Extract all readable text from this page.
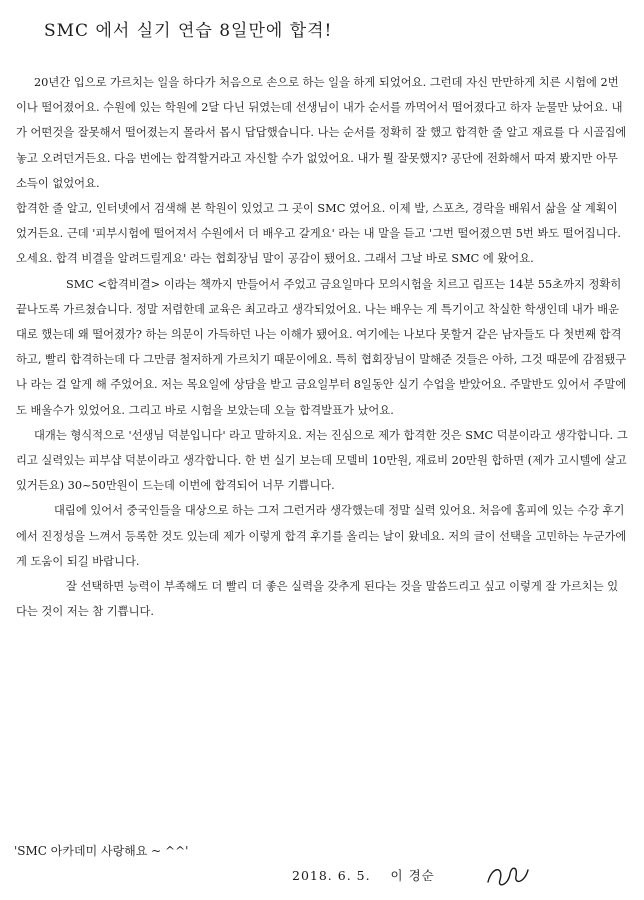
SMC 에서 실기 연습 8일만에 합격!

20년간 입으로 가르치는 일을 하다가 처음으로 손으로 하는 일을 하게 되었어요. 그런데 자신 만만하게 치른 시험에 2번이나 떨어졌어요. 수원에 있는 학원에 2달 다닌 뒤였는데 선생님이 내가 순서를 까먹어서 떨어졌다고 하자 눈물만 났어요. 내가 어떤것을 잘못해서 떨어졌는지 몰라서 몹시 답답했습니다. 나는 순서를 정확히 잘 했고 합격한 줄 알고 재료를 다 시골집에 놓고 오려던거든요. 다음 번에는 합격할거라고 자신할 수가 없었어요. 내가 뭘 잘못했지? 공단에 전화해서 따져 봤지만 아무 소득이 없었어요.

합격한 줄 알고, 인터넷에서 검색해 본 학원이 있었고 그 곳이 SMC 였어요. 이제 발, 스포츠, 경락을 배워서 삶을 살 계획이었거든요. 근데 '피부시험에 떨어져서 수원에서 더 배우고 갈게요' 라는 내 말을 듣고 '그번 떨어졌으면 5번 봐도 떨어집니다. 오세요. 합격 비결을 알려드릴게요' 라는 협회장님 말이 공감이 됐어요. 그래서 그날 바로 SMC 에 왔어요.

SMC <합격비결> 이라는 책까지 만들어서 주었고 금요일마다 모의시험을 치르고 림프는 14분 55초까지 정확히 끝나도록 가르쳤습니다. 정말 저렴한데 교육은 최고라고 생각되었어요. 나는 배우는 게 특기이고 착실한 학생인데 내가 배운대로 했는데 왜 떨어졌가? 하는 의문이 가득하던 나는 이해가 됐어요. 여기에는 나보다 못할거 같은 남자들도 다 첫번째 합격하고, 빨리 합격하는데 다 그만큼 철저하게 가르치기 때문이에요. 특히 협회장님이 말해준 것들은 아하, 그것 때문에 감점됐구나 라는 걸 알게 해 주었어요. 저는 목요일에 상담을 받고 금요일부터 8일동안 실기 수업을 받았어요. 주말반도 있어서 주말에도 배울수가 있었어요. 그리고 바로 시험을 보았는데 오늘 합격발표가 났어요.

대개는 형식적으로 '선생님 덕분입니다' 라고 말하지요. 저는 진심으로 제가 합격한 것은 SMC 덕분이라고 생각합니다. 그리고 실력있는 피부샵 덕분이라고 생각합니다. 한 번 실기 보는데 모델비 10만원, 재료비 20만원 합하면 (제가 고시텔에 살고 있거든요) 30~50만원이 드는데 이번에 합격되어 너무 기쁩니다.

대림에 있어서 중국인들을 대상으로 하는 그저 그런거라 생각했는데 정말 실력 있어요. 처음에 홈피에 있는 수강 후기에서 진정성을 느껴서 등록한 것도 있는데 제가 이렇게 합격 후기를 올리는 날이 왔네요. 저의 글이 선택을 고민하는 누군가에게 도움이 되길 바랍니다.

잘 선택하면 능력이 부족해도 더 빨리 더 좋은 실력을 갖추게 된다는 것을 말씀드리고 싶고 이렇게 잘 가르치는 있다는 것이 저는 참 기쁩니다.

'SMC 아카데미 사랑해요 ~ ^^'
2018. 6. 5. 이 경순
